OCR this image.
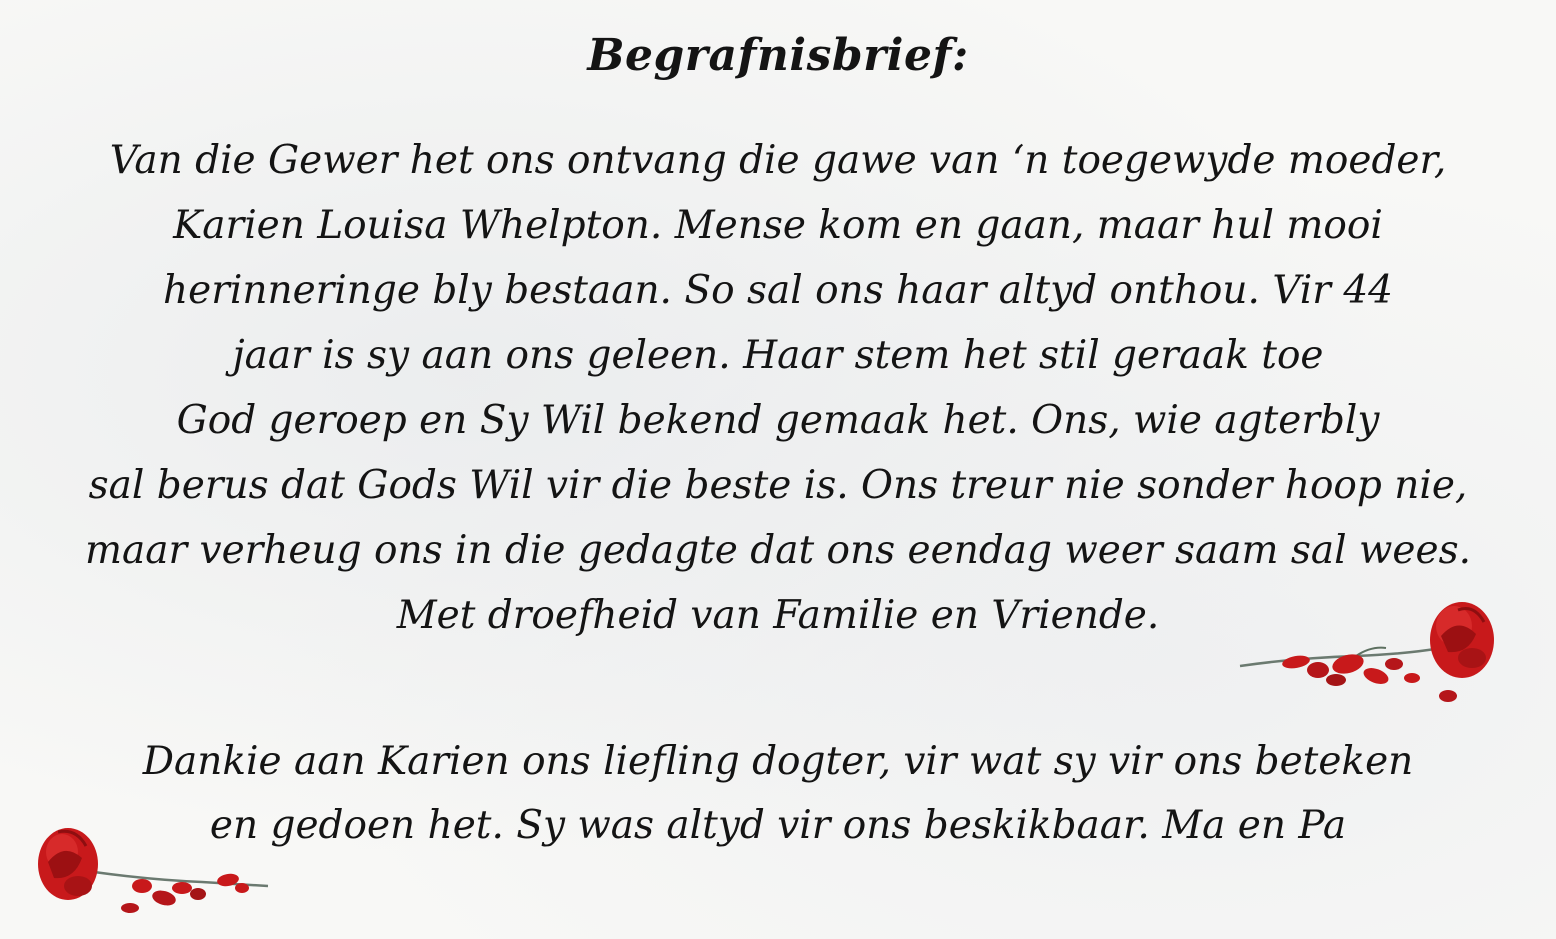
Begrafnisbrief:

Van die Gewer het ons ontvang die gawe van ‘n toegewyde moeder,
Karien Louisa Whelpton. Mense kom en gaan, maar hul mooi
herinneringe bly bestaan. So sal ons haar altyd onthou. Vir 44
jaar is sy aan ons geleen. Haar stem het stil geraak toe
God geroep en Sy Wil bekend gemaak het. Ons, wie agterbly
sal berus dat Gods Wil vir die beste is. Ons treur nie sonder hoop nie,
maar verheug ons in die gedagte dat ons eendag weer saam sal wees.
Met droefheid van Familie en Vriende.

Dankie aan Karien ons liefling dogter, vir wat sy vir ons beteken
en gedoen het. Sy was altyd vir ons beskikbaar. Ma en Pa
